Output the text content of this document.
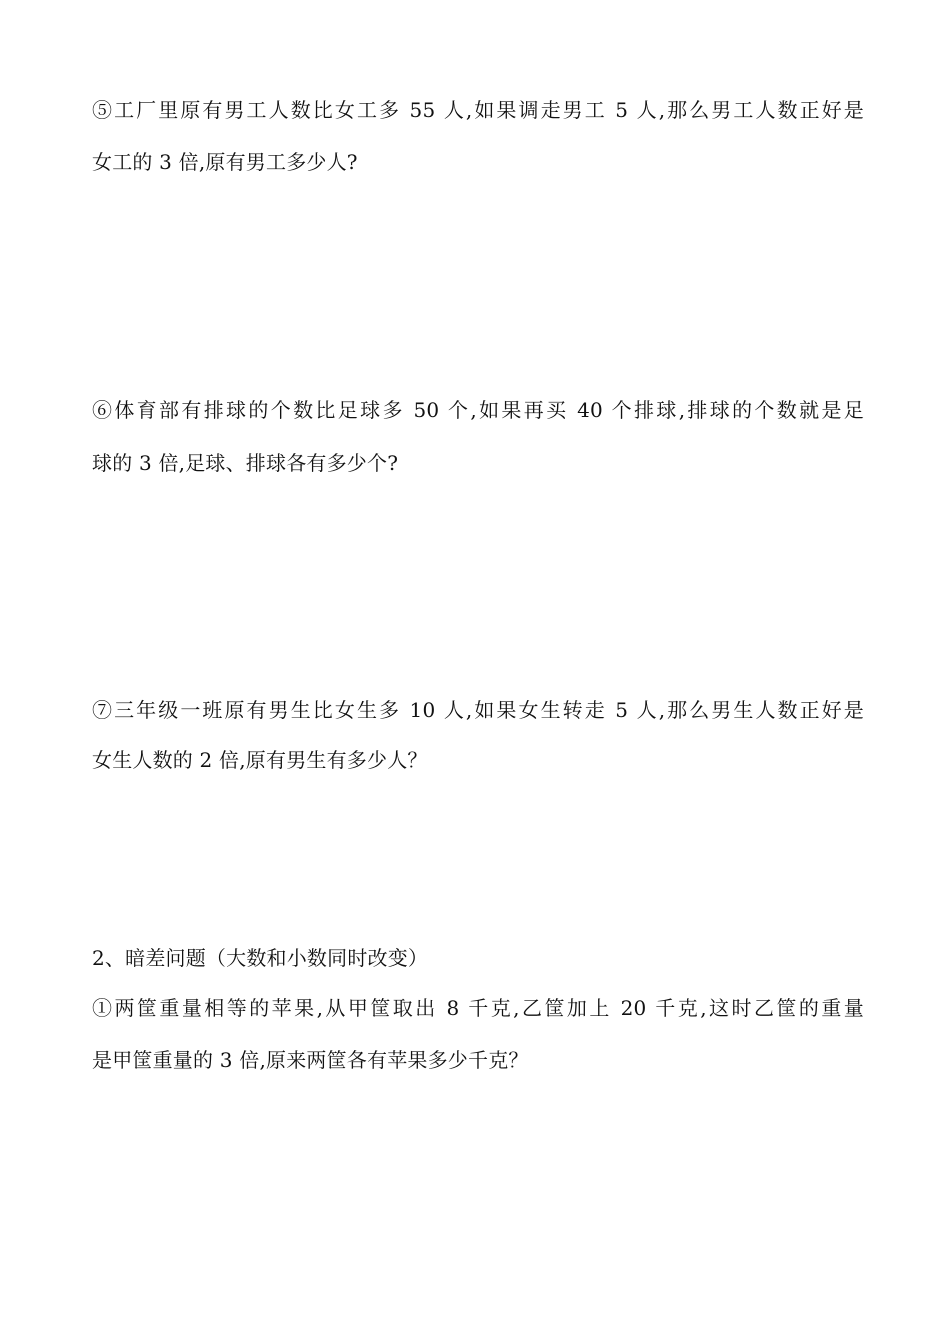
⑤工厂里原有男工人数比女工多 55 人,如果调走男工 5 人,那么男工人数正好是
女工的 3 倍,原有男工多少人?
⑥体育部有排球的个数比足球多 50 个,如果再买 40 个排球,排球的个数就是足
球的 3 倍,足球、排球各有多少个?
⑦三年级一班原有男生比女生多 10 人,如果女生转走 5 人,那么男生人数正好是
女生人数的 2 倍,原有男生有多少人？
2、暗差问题（大数和小数同时改变）
①两筐重量相等的苹果,从甲筐取出 8 千克,乙筐加上 20 千克,这时乙筐的重量
是甲筐重量的 3 倍,原来两筐各有苹果多少千克？
